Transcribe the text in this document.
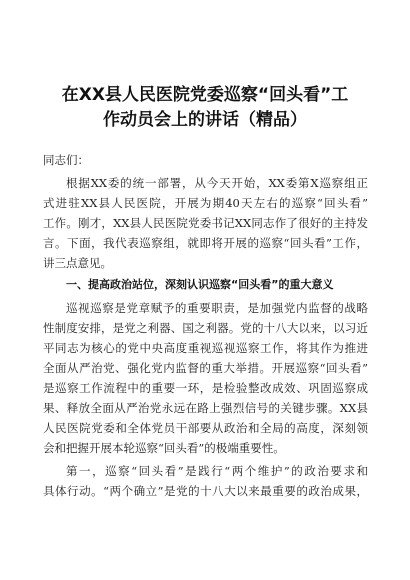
在XX县人民医院党委巡察“回头看”工
作动员会上的讲话（精品）
同志们：
根据XX委的统一部署，从今天开始，XX委第X巡察组正
式进驻XX县人民医院，开展为期40天左右的巡察“回头看”
工作。刚才，XX县人民医院党委书记XX同志作了很好的主持发
言。下面，我代表巡察组，就即将开展的巡察“回头看”工作，
讲三点意见。
一、提高政治站位，深刻认识巡察“回头看”的重大意义
巡视巡察是党章赋予的重要职责，是加强党内监督的战略
性制度安排，是党之利器、国之利器。党的十八大以来，以习近
平同志为核心的党中央高度重视巡视巡察工作，将其作为推进
全面从严治党、强化党内监督的重大举措。开展巡察“回头看”
是巡察工作流程中的重要一环，是检验整改成效、巩固巡察成
果、释放全面从严治党永远在路上强烈信号的关键步骤。XX县
人民医院党委和全体党员干部要从政治和全局的高度，深刻领
会和把握开展本轮巡察“回头看”的极端重要性。
第一，巡察“回头看”是践行“两个维护”的政治要求和
具体行动。“两个确立”是党的十八大以来最重要的政治成果，
